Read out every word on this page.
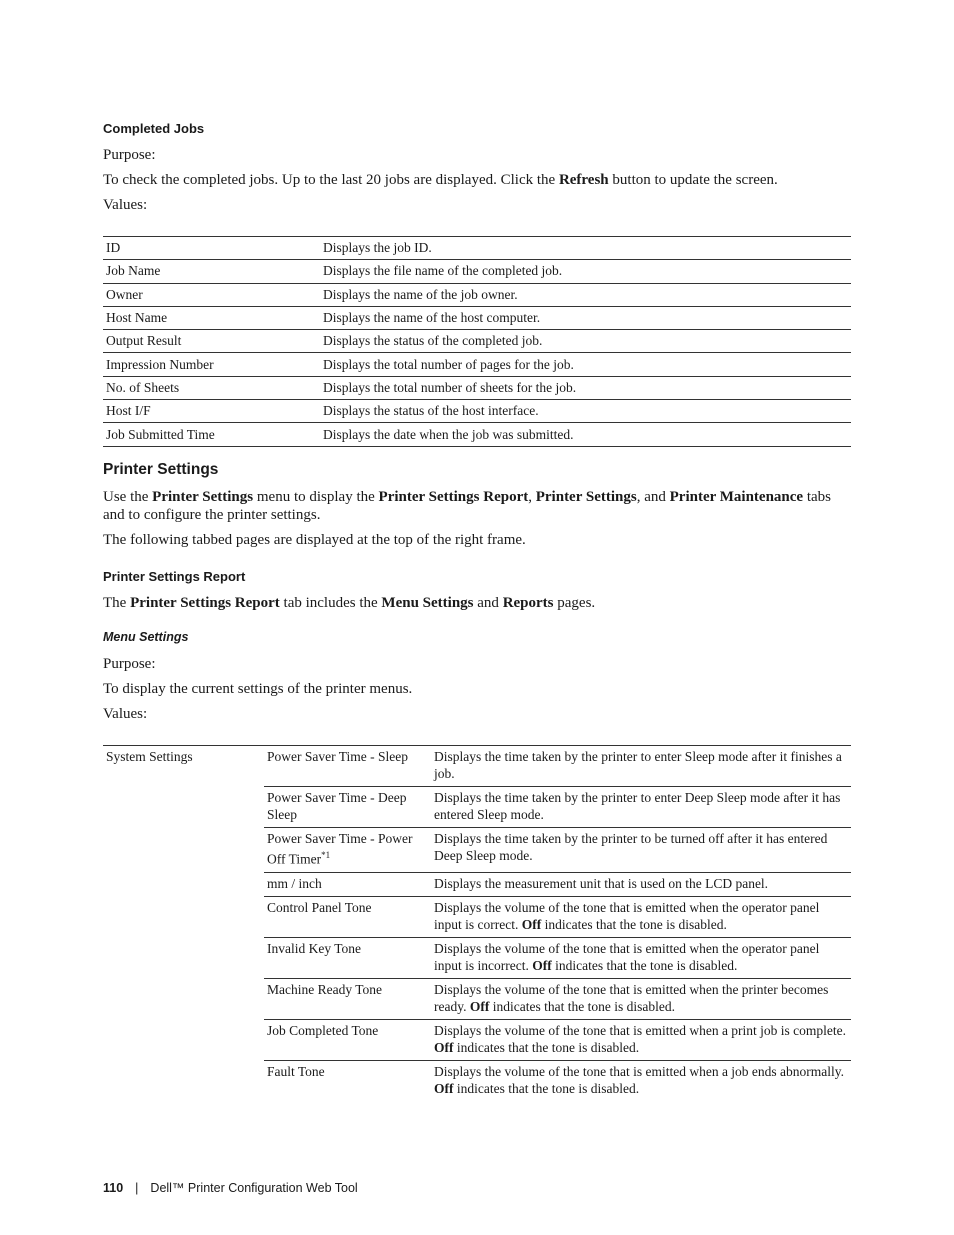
Completed Jobs

Purpose:

To check the completed jobs. Up to the last 20 jobs are displayed. Click the Refresh button to update the screen.

Values:

ID	Displays the job ID.
Job Name	Displays the file name of the completed job.
Owner	Displays the name of the job owner.
Host Name	Displays the name of the host computer.
Output Result	Displays the status of the completed job.
Impression Number	Displays the total number of pages for the job.
No. of Sheets	Displays the total number of sheets for the job.
Host I/F	Displays the status of the host interface.
Job Submitted Time	Displays the date when the job was submitted.
Printer Settings

Use the Printer Settings menu to display the Printer Settings Report, Printer Settings, and Printer Maintenance tabs and to configure the printer settings.

The following tabbed pages are displayed at the top of the right frame.

Printer Settings Report

The Printer Settings Report tab includes the Menu Settings and Reports pages.

Menu Settings

Purpose:

To display the current settings of the printer menus.

Values:

System Settings	Power Saver Time - Sleep	Displays the time taken by the printer to enter Sleep mode after it finishes a job.
	Power Saver Time - Deep Sleep	Displays the time taken by the printer to enter Deep Sleep mode after it has entered Sleep mode.
	Power Saver Time - Power Off Timer$^{*1}$	Displays the time taken by the printer to be turned off after it has entered Deep Sleep mode.
	mm / inch	Displays the measurement unit that is used on the LCD panel.
	Control Panel Tone	Displays the volume of the tone that is emitted when the operator panel input is correct. Off indicates that the tone is disabled.
	Invalid Key Tone	Displays the volume of the tone that is emitted when the operator panel input is incorrect. Off indicates that the tone is disabled.
	Machine Ready Tone	Displays the volume of the tone that is emitted when the printer becomes ready. Off indicates that the tone is disabled.
	Job Completed Tone	Displays the volume of the tone that is emitted when a print job is complete. Off indicates that the tone is disabled.
	Fault Tone	Displays the volume of the tone that is emitted when a job ends abnormally. Off indicates that the tone is disabled.
110 | Dell™ Printer Configuration Web Tool
